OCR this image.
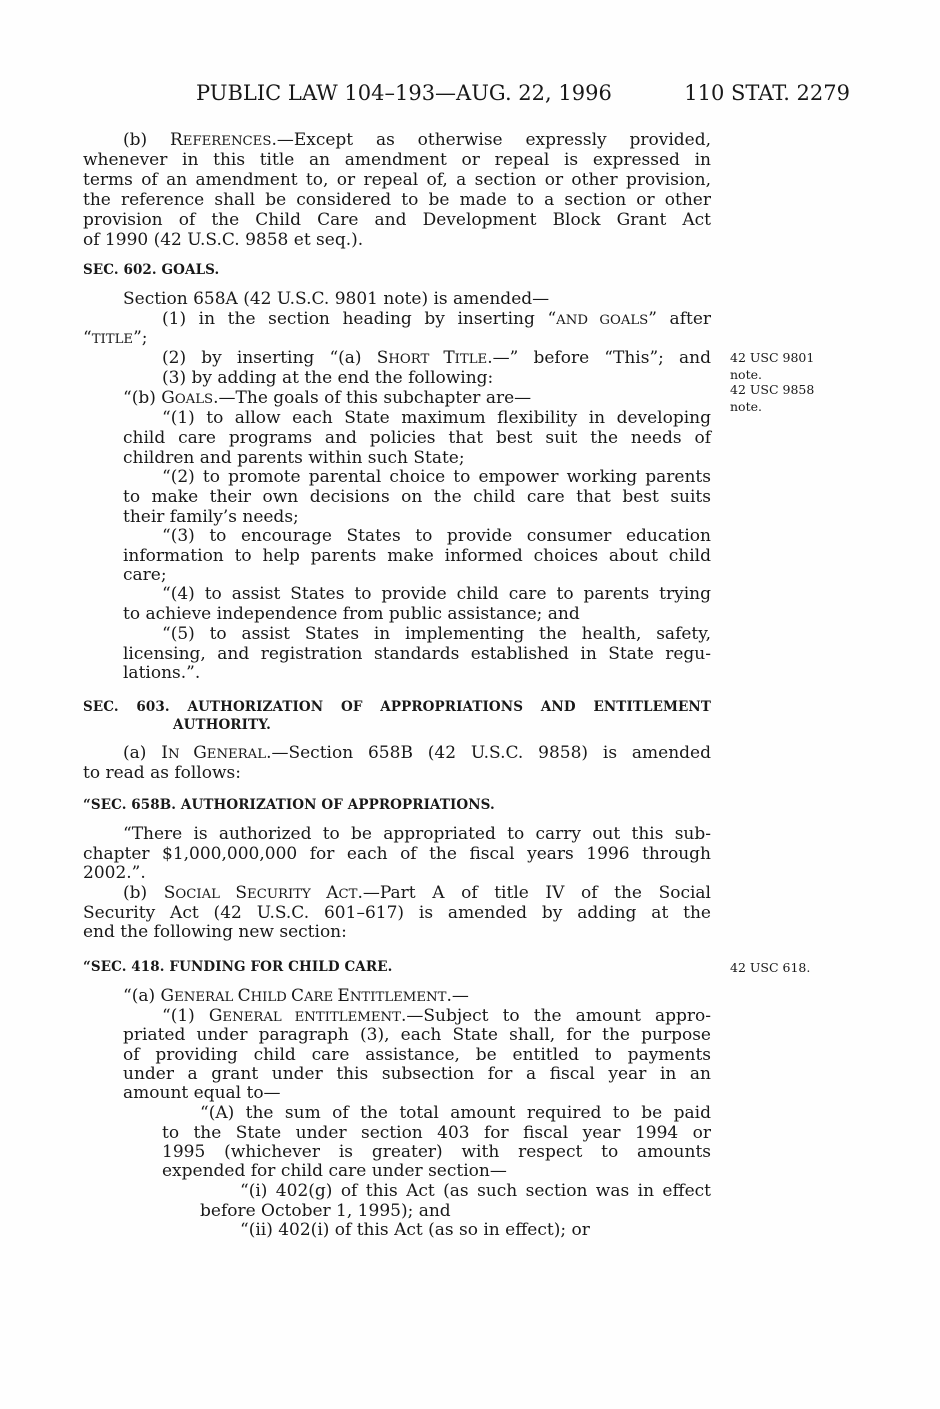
PUBLIC LAW 104–193—AUG. 22, 1996	110 STAT. 2279
(b) REFERENCES.—Except as otherwise expressly provided,
whenever in this title an amendment or repeal is expressed in
terms of an amendment to, or repeal of, a section or other provision,
the reference shall be considered to be made to a section or other
provision of the Child Care and Development Block Grant Act
of 1990 (42 U.S.C. 9858 et seq.).
SEC. 602. GOALS.
Section 658A (42 U.S.C. 9801 note) is amended—
(1) in the section heading by inserting “AND GOALS” after
“TITLE”;
(2) by inserting “(a) SHORT TITLE.—” before “This”; and
(3) by adding at the end the following:
“(b) GOALS.—The goals of this subchapter are—
“(1) to allow each State maximum flexibility in developing
child care programs and policies that best suit the needs of
children and parents within such State;
“(2) to promote parental choice to empower working parents
to make their own decisions on the child care that best suits
their family’s needs;
“(3) to encourage States to provide consumer education
information to help parents make informed choices about child
care;
“(4) to assist States to provide child care to parents trying
to achieve independence from public assistance; and
“(5) to assist States in implementing the health, safety,
licensing, and registration standards established in State regu-
lations.”.
42 USC 9801
note.
42 USC 9858
note.
SEC. 603. AUTHORIZATION OF APPROPRIATIONS AND ENTITLEMENT
AUTHORITY.
(a) IN GENERAL.—Section 658B (42 U.S.C. 9858) is amended
to read as follows:
“SEC. 658B. AUTHORIZATION OF APPROPRIATIONS.
“There is authorized to be appropriated to carry out this sub-
chapter $1,000,000,000 for each of the fiscal years 1996 through
2002.”.
(b) SOCIAL SECURITY ACT.—Part A of title IV of the Social
Security Act (42 U.S.C. 601–617) is amended by adding at the
end the following new section:
“SEC. 418. FUNDING FOR CHILD CARE.	42 USC 618.
“(a) GENERAL CHILD CARE ENTITLEMENT.—
“(1) GENERAL ENTITLEMENT.—Subject to the amount appro-
priated under paragraph (3), each State shall, for the purpose
of providing child care assistance, be entitled to payments
under a grant under this subsection for a fiscal year in an
amount equal to—
“(A) the sum of the total amount required to be paid
to the State under section 403 for fiscal year 1994 or
1995 (whichever is greater) with respect to amounts
expended for child care under section—
“(i) 402(g) of this Act (as such section was in effect
before October 1, 1995); and
“(ii) 402(i) of this Act (as so in effect); or
